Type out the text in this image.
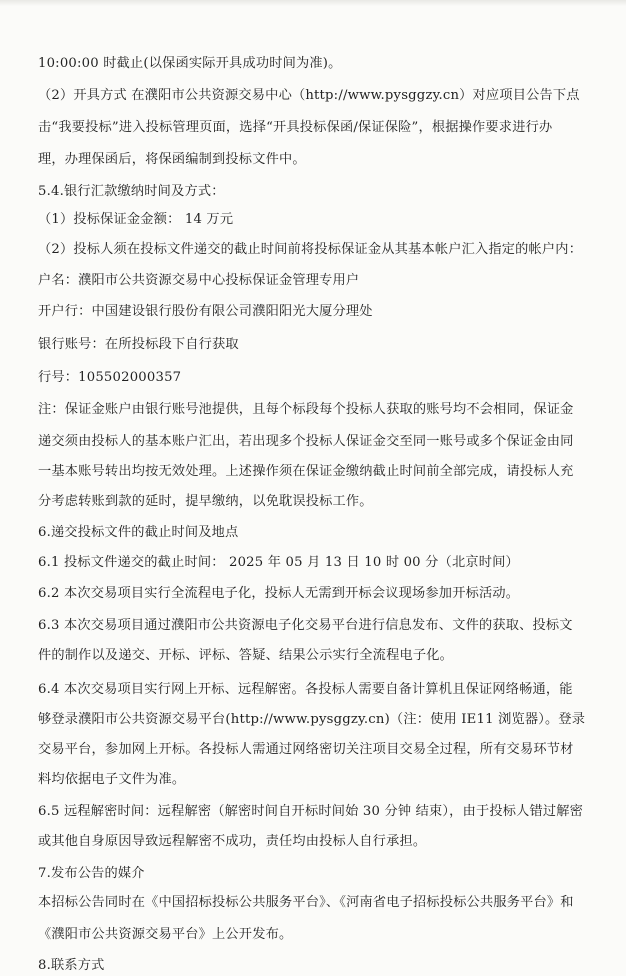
10:00:00 时截止(以保函实际开具成功时间为准)。
（2）开具方式 在濮阳市公共资源交易中心（http://www.pysggzy.cn）对应项目公告下点
击“我要投标”进入投标管理页面，选择“开具投标保函/保证保险”，根据操作要求进行办
理，办理保函后，将保函编制到投标文件中。
5.4.银行汇款缴纳时间及方式：
（1）投标保证金金额： 14 万元
（2）投标人须在投标文件递交的截止时间前将投标保证金从其基本帐户汇入指定的帐户内：
户名：濮阳市公共资源交易中心投标保证金管理专用户
开户行：中国建设银行股份有限公司濮阳阳光大厦分理处
银行账号：在所投标段下自行获取
行号：105502000357
注：保证金账户由银行账号池提供，且每个标段每个投标人获取的账号均不会相同，保证金
递交须由投标人的基本账户汇出，若出现多个投标人保证金交至同一账号或多个保证金由同
一基本账号转出均按无效处理。上述操作须在保证金缴纳截止时间前全部完成，请投标人充
分考虑转账到款的延时，提早缴纳，以免耽误投标工作。
6.递交投标文件的截止时间及地点
6.1 投标文件递交的截止时间： 2025 年 05 月 13 日 10 时 00 分（北京时间）
6.2 本次交易项目实行全流程电子化，投标人无需到开标会议现场参加开标活动。
6.3 本次交易项目通过濮阳市公共资源电子化交易平台进行信息发布、文件的获取、投标文
件的制作以及递交、开标、评标、答疑、结果公示实行全流程电子化。
6.4 本次交易项目实行网上开标、远程解密。各投标人需要自备计算机且保证网络畅通，能
够登录濮阳市公共资源交易平台(http://www.pysggzy.cn)（注：使用 IE11 浏览器）。登录
交易平台，参加网上开标。各投标人需通过网络密切关注项目交易全过程，所有交易环节材
料均依据电子文件为准。
6.5 远程解密时间：远程解密（解密时间自开标时间始 30 分钟 结束），由于投标人错过解密
或其他自身原因导致远程解密不成功，责任均由投标人自行承担。
7.发布公告的媒介
本招标公告同时在《中国招标投标公共服务平台》、《河南省电子招标投标公共服务平台》和
《濮阳市公共资源交易平台》上公开发布。
8.联系方式
